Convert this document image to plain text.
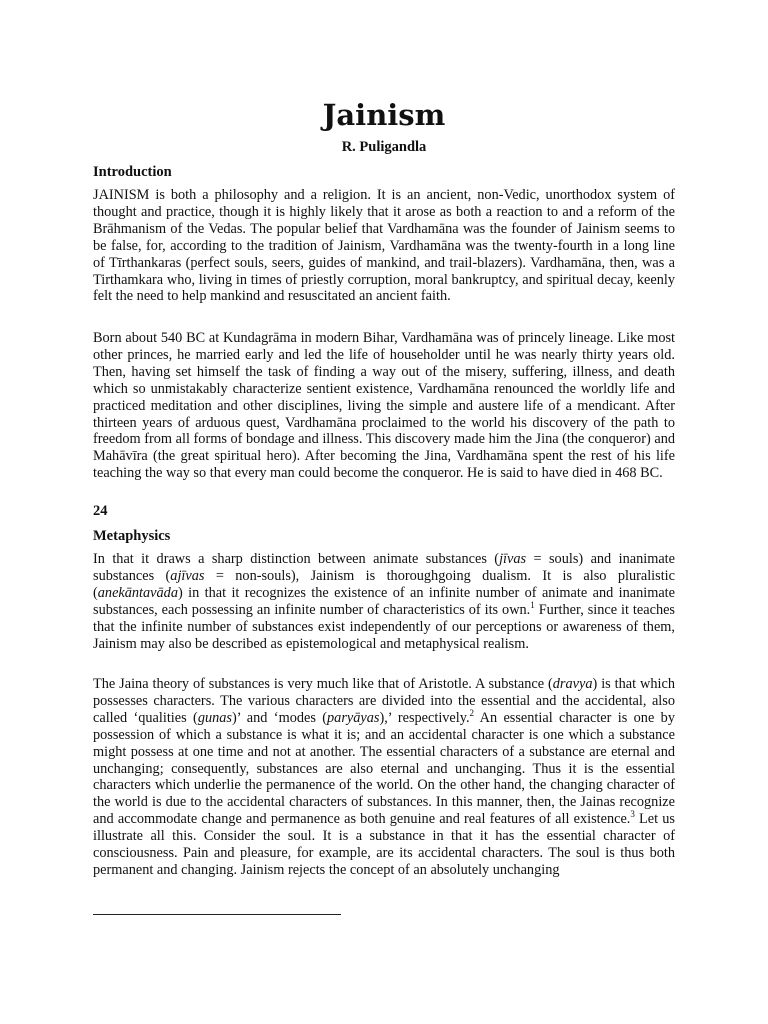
Jainism
R. Puligandla
Introduction
JAINISM is both a philosophy and a religion. It is an ancient, non-Vedic, unorthodox system of thought and practice, though it is highly likely that it arose as both a reaction to and a reform of the Brāhmanism of the Vedas. The popular belief that Vardhamāna was the founder of Jainism seems to be false, for, according to the tradition of Jainism, Vardhamāna was the twenty-fourth in a long line of Tīrthankaras (perfect souls, seers, guides of mankind, and trail-blazers). Vardhamāna, then, was a Tirthamkara who, living in times of priestly corruption, moral bankruptcy, and spiritual decay, keenly felt the need to help mankind and resuscitated an ancient faith.
Born about 540 BC at Kundagrāma in modern Bihar, Vardhamāna was of princely lineage. Like most other princes, he married early and led the life of householder until he was nearly thirty years old. Then, having set himself the task of finding a way out of the misery, suffering, illness, and death which so unmistakably characterize sentient existence, Vardhamāna renounced the worldly life and practiced meditation and other disciplines, living the simple and austere life of a mendicant. After thirteen years of arduous quest, Vardhamāna proclaimed to the world his discovery of the path to freedom from all forms of bondage and illness. This discovery made him the Jina (the conqueror) and Mahāvīra (the great spiritual hero). After becoming the Jina, Vardhamāna spent the rest of his life teaching the way so that every man could become the conqueror. He is said to have died in 468 BC.
24
Metaphysics
In that it draws a sharp distinction between animate substances (jīvas = souls) and inanimate substances (ajīvas = non-souls), Jainism is thoroughgoing dualism. It is also pluralistic (anekāntavāda) in that it recognizes the existence of an infinite number of animate and inanimate substances, each possessing an infinite number of characteristics of its own.$^1$ Further, since it teaches that the infinite number of substances exist independently of our perceptions or awareness of them, Jainism may also be described as epistemological and metaphysical realism.
The Jaina theory of substances is very much like that of Aristotle. A substance (dravya) is that which possesses characters. The various characters are divided into the essential and the accidental, also called ‘qualities (gunas)’ and ‘modes (paryāyas),’ respectively.$^2$ An essential character is one by possession of which a substance is what it is; and an accidental character is one which a substance might possess at one time and not at another. The essential characters of a substance are eternal and unchanging; consequently, substances are also eternal and unchanging. Thus it is the essential characters which underlie the permanence of the world. On the other hand, the changing character of the world is due to the accidental characters of substances. In this manner, then, the Jainas recognize and accommodate change and permanence as both genuine and real features of all existence.$^3$ Let us illustrate all this. Consider the soul. It is a substance in that it has the essential character of consciousness. Pain and pleasure, for example, are its accidental characters. The soul is thus both permanent and changing. Jainism rejects the concept of an absolutely unchanging
